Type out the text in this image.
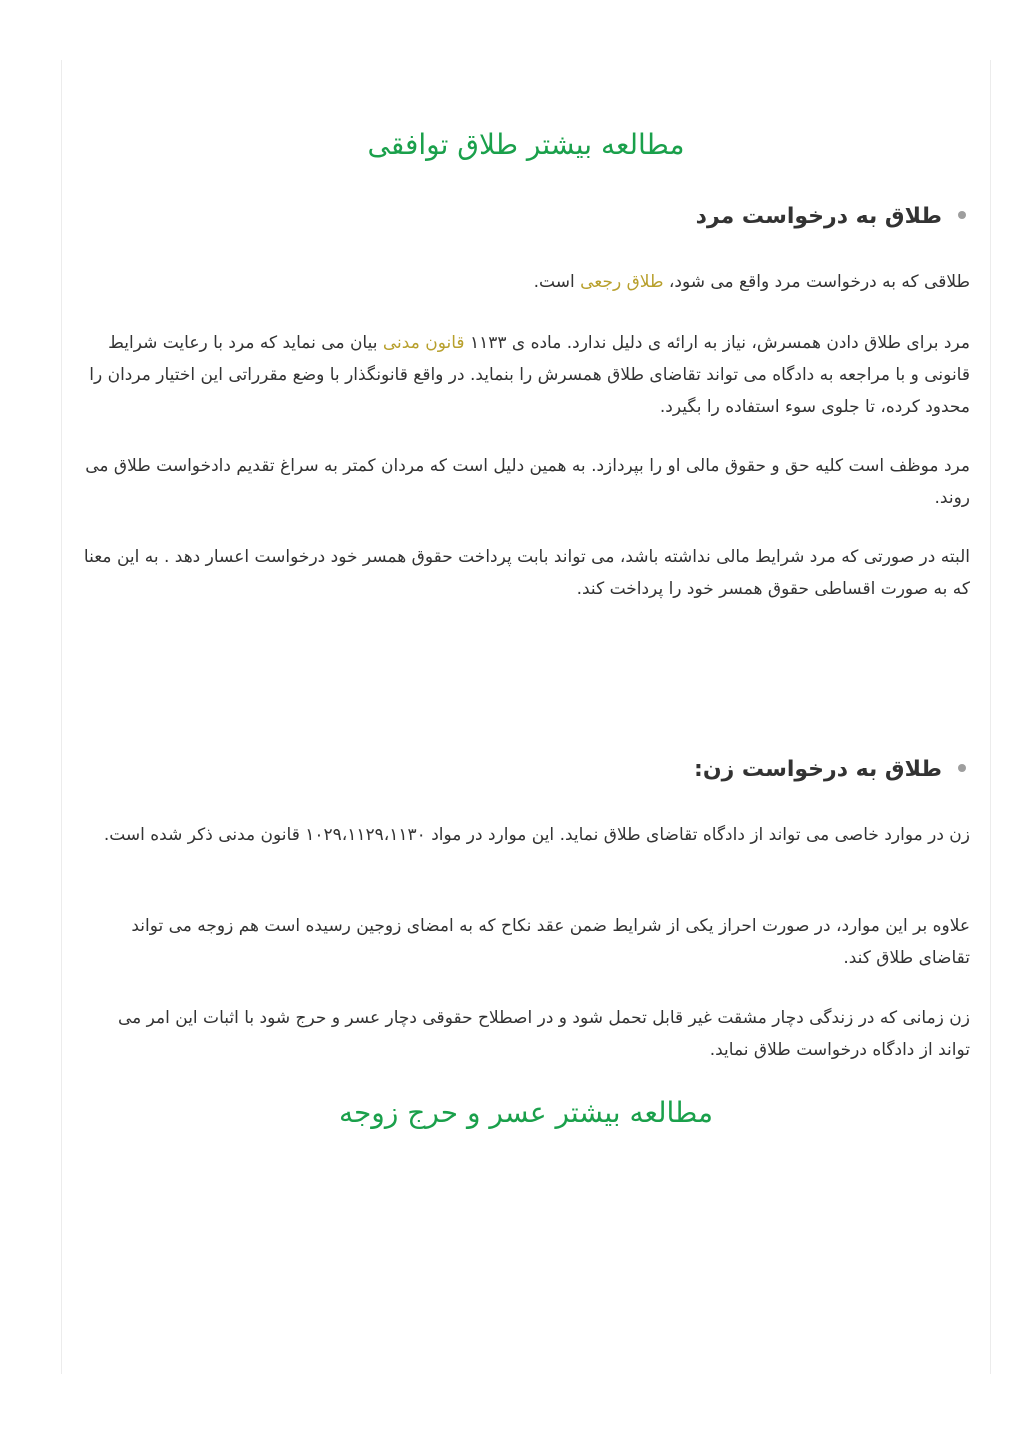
مطالعه بیشتر طلاق توافقی
طلاق به درخواست مرد

طلاقی که به درخواست مرد واقع می شود، طلاق رجعی است.

مرد برای طلاق دادن همسرش، نیاز به ارائه ی دلیل ندارد. ماده ی ۱۱۳۳ قانون مدنی بیان می نماید که مرد با رعایت شرایط قانونی و با مراجعه به دادگاه می تواند تقاضای طلاق همسرش را بنماید. در واقع قانونگذار با وضع مقرراتی این اختیار مردان را محدود کرده، تا جلوی سوء استفاده را بگیرد.

مرد موظف است کلیه حق و حقوق مالی او را بپردازد. به همین دلیل است که مردان کمتر به سراغ تقدیم دادخواست طلاق می روند.

البته در صورتی که مرد شرایط مالی نداشته باشد، می تواند بابت پرداخت حقوق همسر خود درخواست اعسار دهد . به این معنا که به صورت اقساطی حقوق همسر خود را پرداخت کند.

طلاق به درخواست زن:

زن در موارد خاصی می تواند از دادگاه تقاضای طلاق نماید. این موارد در مواد ۱۰۲۹،۱۱۲۹،۱۱۳۰ قانون مدنی ذکر شده است.

علاوه بر این موارد، در صورت احراز یکی از شرایط ضمن عقد نکاح که به امضای زوجین رسیده است هم زوجه می تواند تقاضای طلاق کند.

زن زمانی که در زندگی دچار مشقت غیر قابل تحمل شود و در اصطلاح حقوقی دچار عسر و حرج شود با اثبات این امر می تواند از دادگاه درخواست طلاق نماید.

مطالعه بیشتر عسر و حرج زوجه
